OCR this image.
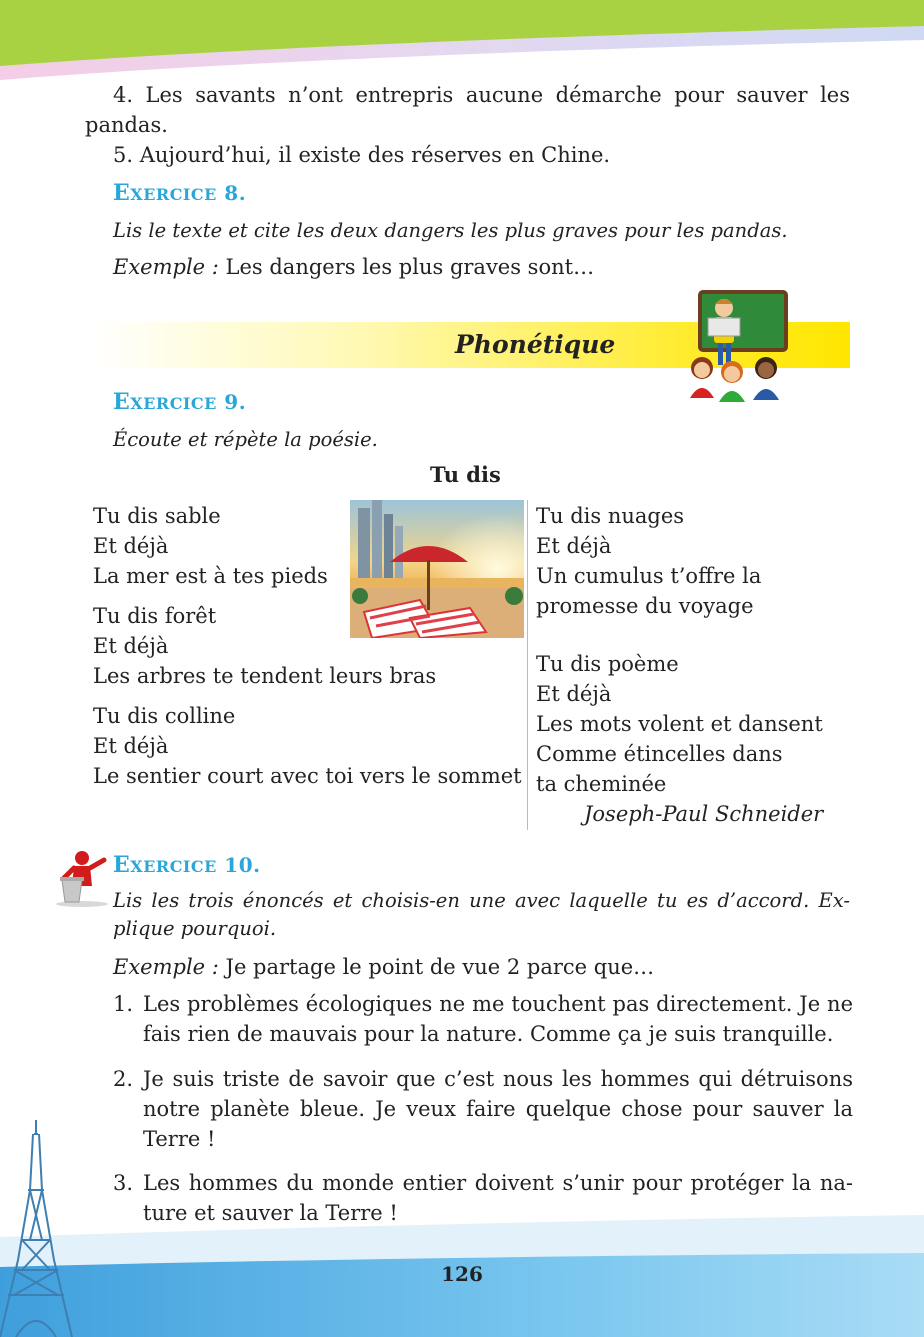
4. Les savants n’ont entrepris aucune démarche pour sauver les

pandas.

5. Aujourd’hui, il existe des réserves en Chine.

EXERCICE 8.

Lis le texte et cite les deux dangers les plus graves pour les pandas.

Exemple : Les dangers les plus graves sont…

Phonétique

EXERCICE 9.

Écoute et répète la poésie.

Tu dis

Tu dis sable
Et déjà
La mer est à tes pieds
Tu dis forêt
Et déjà
Les arbres te tendent leurs bras
Tu dis colline
Et déjà
Le sentier court avec toi vers le sommet
Tu dis nuages
Et déjà
Un cumulus t’offre la
promesse du voyage
Tu dis poème
Et déjà
Les mots volent et dansent
Comme étincelles dans
ta cheminée
Joseph-Paul Schneider

EXERCICE 10.

Lis les trois énoncés et choisis-en une avec laquelle tu es d’accord. Ex-

plique pourquoi.

Exemple : Je partage le point de vue 2 parce que…

1. Les problèmes écologiques ne me touchent pas directement. Je ne
fais rien de mauvais pour la nature. Comme ça je suis tranquille.
2. Je suis triste de savoir que c’est nous les hommes qui détruisons
notre planète bleue. Je veux faire quelque chose pour sauver la
Terre !
3. Les hommes du monde entier doivent s’unir pour protéger la na-
ture et sauver la Terre !
126
